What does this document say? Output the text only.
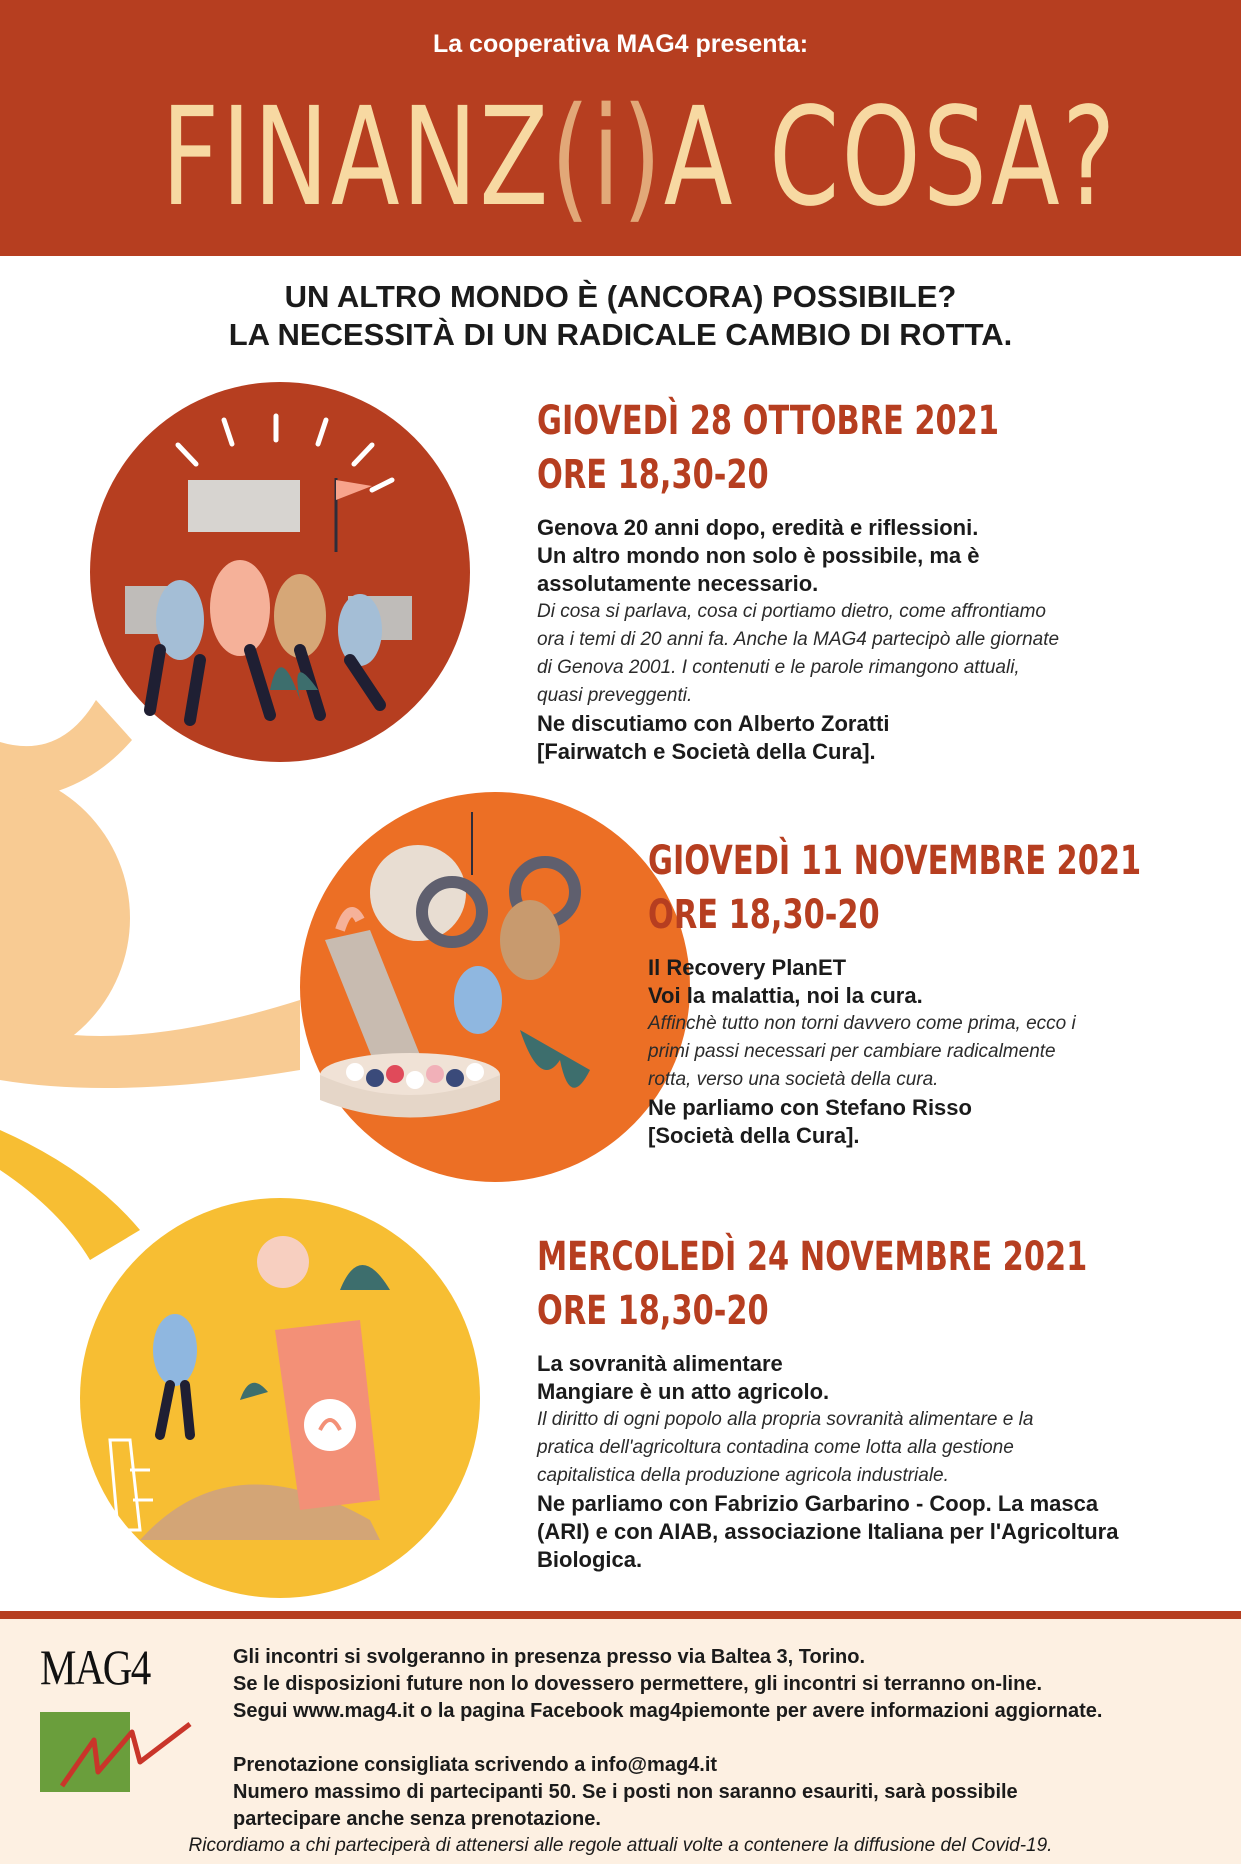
La cooperativa MAG4 presenta:
FINANZ(i)A COSA?
UN ALTRO MONDO È (ANCORA) POSSIBILE?
LA NECESSITÀ DI UN RADICALE CAMBIO DI ROTTA.
GIOVEDÌ 28 OTTOBRE 2021
ORE 18,30-20
Genova 20 anni dopo, eredità e riflessioni.
Un altro mondo non solo è possibile, ma è
assolutamente necessario.
Di cosa si parlava, cosa ci portiamo dietro, come affrontiamo
ora i temi di 20 anni fa. Anche la MAG4 partecipò alle giornate
di Genova 2001. I contenuti e le parole rimangono attuali,
quasi preveggenti.
Ne discutiamo con Alberto Zoratti
[Fairwatch e Società della Cura].
GIOVEDÌ 11 NOVEMBRE 2021
ORE 18,30-20
Il Recovery PlanET
Voi la malattia, noi la cura.
Affinchè tutto non torni davvero come prima, ecco i
primi passi necessari per cambiare radicalmente
rotta, verso una società della cura.
Ne parliamo con Stefano Risso
[Società della Cura].
MERCOLEDÌ 24 NOVEMBRE 2021
ORE 18,30-20
La sovranità alimentare
Mangiare è un atto agricolo.
Il diritto di ogni popolo alla propria sovranità alimentare e la
pratica dell'agricoltura contadina come lotta alla gestione
capitalistica della produzione agricola industriale.
Ne parliamo con Fabrizio Garbarino - Coop. La masca
(ARI) e con AIAB, associazione Italiana per l'Agricoltura
Biologica.
MAG4	Gli incontri si svolgeranno in presenza presso via Baltea 3, Torino.
Se le disposizioni future non lo dovessero permettere, gli incontri si terranno on-line.
Segui www.mag4.it o la pagina Facebook mag4piemonte per avere informazioni aggiornate.
Prenotazione consigliata scrivendo a info@mag4.it
Numero massimo di partecipanti 50. Se i posti non saranno esauriti, sarà possibile
partecipare anche senza prenotazione.
Ricordiamo a chi parteciperà di attenersi alle regole attuali volte a contenere la diffusione del Covid-19.
